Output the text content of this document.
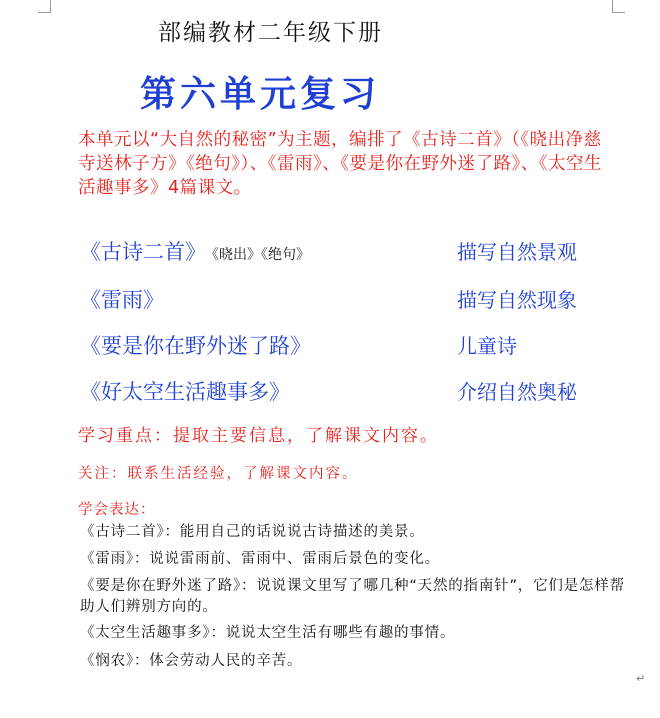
↵
部编教材二年级下册
第六单元复习
本单元以“大自然的秘密”为主题，编排了《古诗二首》（《晓出净慈寺送林子方》《绝句》）、《雷雨》、《要是你在野外迷了路》、《太空生活趣事多》4篇课文。
《古诗二首》 《晓出》《绝句》	描写自然景观
《雷雨》	描写自然现象
《要是你在野外迷了路》	儿童诗
《好太空生活趣事多》	介绍自然奥秘
学习重点：提取主要信息，了解课文内容。
关注：联系生活经验，了解课文内容。
学会表达：
《古诗二首》：能用自己的话说说古诗描述的美景。
《雷雨》：说说雷雨前、雷雨中、雷雨后景色的变化。
《要是你在野外迷了路》：说说课文里写了哪几种“天然的指南针”，它们是怎样帮助人们辨别方向的。
《太空生活趣事多》：说说太空生活有哪些有趣的事情。
《悯农》：体会劳动人民的辛苦。
